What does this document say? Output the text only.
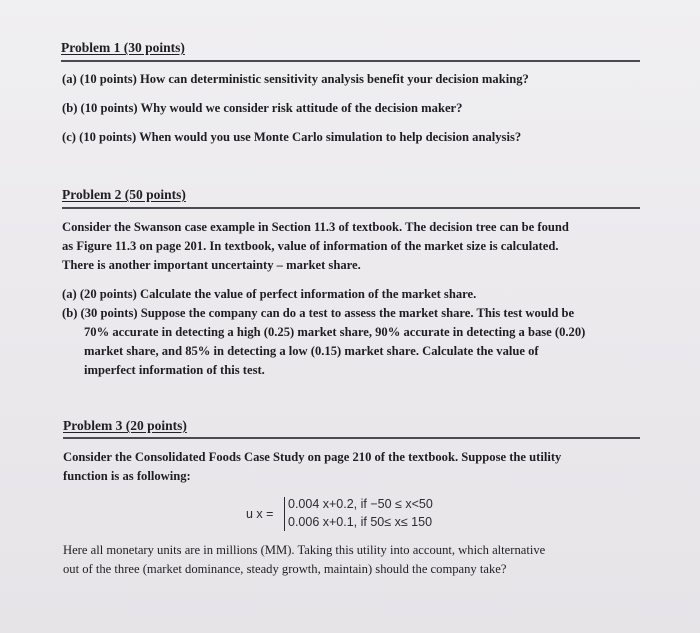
Problem 1 (30 points)
(a) (10 points) How can deterministic sensitivity analysis benefit your decision making?
(b) (10 points) Why would we consider risk attitude of the decision maker?
(c) (10 points) When would you use Monte Carlo simulation to help decision analysis?
Problem 2 (50 points)
Consider the Swanson case example in Section 11.3 of textbook. The decision tree can be found
as Figure 11.3 on page 201. In textbook, value of information of the market size is calculated.
There is another important uncertainty – market share.
(a) (20 points) Calculate the value of perfect information of the market share.
(b) (30 points) Suppose the company can do a test to assess the market share. This test would be
70% accurate in detecting a high (0.25) market share, 90% accurate in detecting a base (0.20)
market share, and 85% in detecting a low (0.15) market share. Calculate the value of
imperfect information of this test.
Problem 3 (20 points)
Consider the Consolidated Foods Case Study on page 210 of the textbook. Suppose the utility
function is as following:
u x =
0.004 x+0.2, if −50 ≤ x<50
0.006 x+0.1, if 50≤ x≤ 150
Here all monetary units are in millions (MM). Taking this utility into account, which alternative
out of the three (market dominance, steady growth, maintain) should the company take?
